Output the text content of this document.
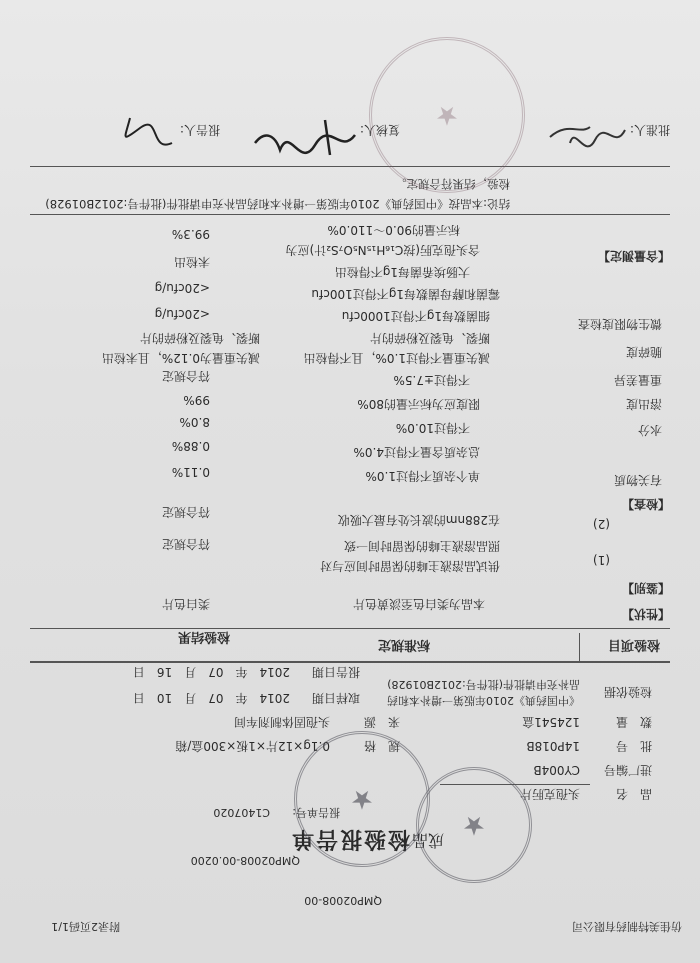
仿佳美特制药有限公司
附录2页码1/1
QMP02008-00
QMP02008-00.0200
成品
检验报告单
报告单号:
C1407020
品　名
头孢克肟片
进厂编号
CY004B
批　号
14P018B
规　格
0.1g×12片×1板×300盒/箱
数　量
124541盒
来　源
头孢固体制剂车间
检验依据
《中国药典》2010年版第一增补本和药
品补充申请批件(批件号:2012B01928)
取样日期
2014　年　07　月　10　日
报告日期
2014　年　07　月　16　日
检验项目
标准规定
检验结果
【性状】
本品为类白色至淡黄色片
类白色片
【鉴别】
(1)
供试品溶液主峰的保留时间应与对
照品溶液主峰的保留时间一致
符合规定
(2)
在288nm的波长处有最大吸收
符合规定
【检查】
有关物质
单个杂质不得过1.0%
0.11%
总杂质含量不得过4.0%
0.88%
水分
不得过10.0%
8.0%
溶出度
限度应为标示量的80%
99%
重量差异
不得过±7.5%
符合规定
脆碎度
减失重量不得过1.0%，且不得检出
断裂、龟裂及粉碎的片
减失重量为0.12%，且未检出
断裂、龟裂及粉碎的片
微生物限度检查
细菌数每1g不得过1000cfu
<20cfu/g
霉菌和酵母菌数每1g不得过100cfu
<20cfu/g
大肠埃希菌每1g不得检出
未检出	【含量测定】
含头孢克肟(按C₁₆H₁₅N₅O₇S₂计)应为
标示量的90.0～110.0%
99.3%
结论:本品按《中国药典》2010年版第一增补本和药品补充申请批件(批件号:2012B01928)
检验，结果符合规定。
批准人:
复核人:
报告人:
★
★
★
